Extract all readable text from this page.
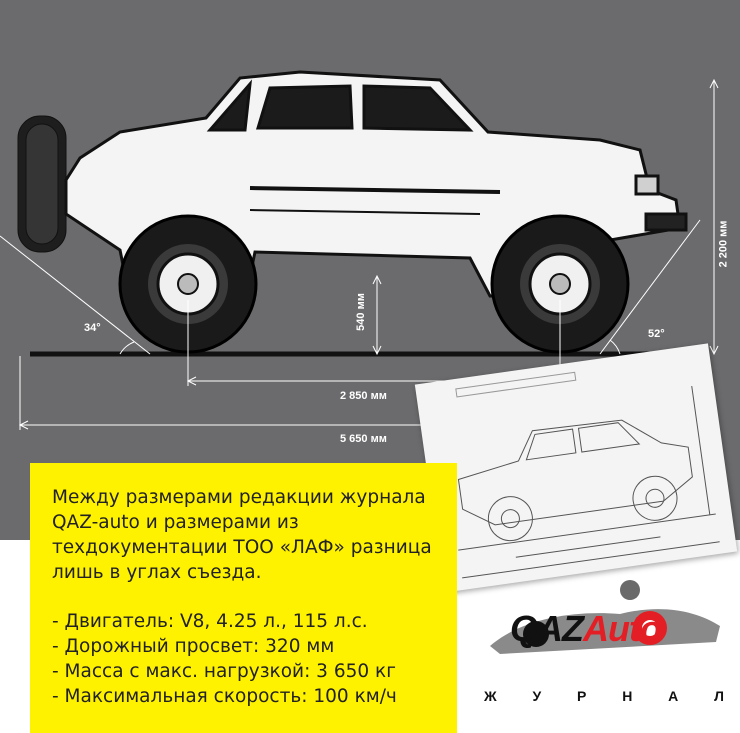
2 200 мм
540 мм
2 850 мм
5 650 мм
34°	52°

Между размерами редакции журнала QAZ-auto и размерами из техдокументации ТОО «ЛАФ» разница лишь в углах съезда.

- Двигатель: V8, 4.25 л., 115 л.с.
- Дорожный просвет: 320 мм
- Масса с макс. нагрузкой: 3 650 кг
- Максимальная скорость: 100 км/ч
QAZAuto
Ж	У	Р	Н	А	Л
